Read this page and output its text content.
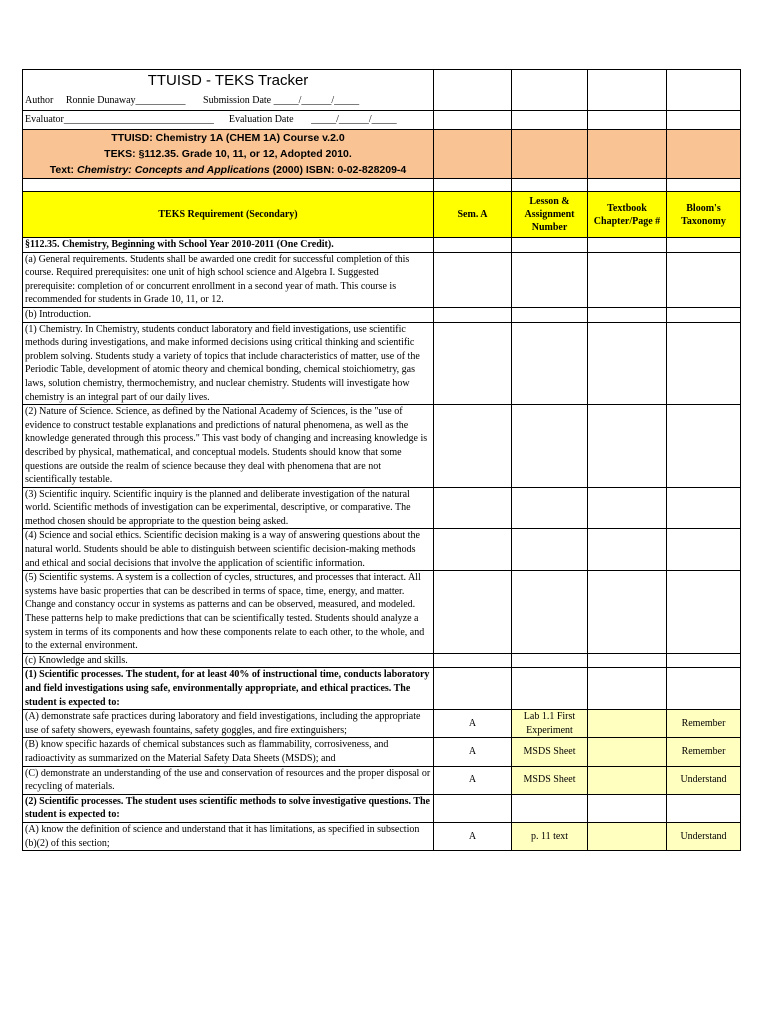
TTUISD - TEKS Tracker				
Author     Ronnie Dunaway__________       Submission Date _____/______/_____				
Evaluator______________________________      Evaluation Date       _____/______/_____				

TTUISD: Chemistry 1A (CHEM 1A) Course v.2.0
TEKS: §112.35. Grade 10, 11, or 12, Adopted 2010.
Text: Chemistry: Concepts and Applications (2000) ISBN: 0-02-828209-4				

TEKS Requirement (Secondary)	Sem. A	Lesson & Assignment Number	Textbook Chapter/Page #	Bloom's Taxonomy
§112.35. Chemistry, Beginning with School Year 2010-2011 (One Credit).				
(a) General requirements. Students shall be awarded one credit for successful completion of this course. Required prerequisites: one unit of high school science and Algebra I. Suggested prerequisite: completion of or concurrent enrollment in a second year of math. This course is recommended for students in Grade 10, 11, or 12.				
(b) Introduction.				
(1) Chemistry. In Chemistry, students conduct laboratory and field investigations, use scientific methods during investigations, and make informed decisions using critical thinking and scientific problem solving. Students study a variety of topics that include characteristics of matter, use of the Periodic Table, development of atomic theory and chemical bonding, chemical stoichiometry, gas laws, solution chemistry, thermochemistry, and nuclear chemistry. Students will investigate how chemistry is an integral part of our daily lives.				
(2) Nature of Science. Science, as defined by the National Academy of Sciences, is the "use of evidence to construct testable explanations and predictions of natural phenomena, as well as the knowledge generated through this process." This vast body of changing and increasing knowledge is described by physical, mathematical, and conceptual models. Students should know that some questions are outside the realm of science because they deal with phenomena that are not scientifically testable.				
(3) Scientific inquiry. Scientific inquiry is the planned and deliberate investigation of the natural world. Scientific methods of investigation can be experimental, descriptive, or comparative. The method chosen should be appropriate to the question being asked.				
(4) Science and social ethics. Scientific decision making is a way of answering questions about the natural world. Students should be able to distinguish between scientific decision-making methods and ethical and social decisions that involve the application of scientific information.				
(5) Scientific systems. A system is a collection of cycles, structures, and processes that interact. All systems have basic properties that can be described in terms of space, time, energy, and matter. Change and constancy occur in systems as patterns and can be observed, measured, and modeled. These patterns help to make predictions that can be scientifically tested. Students should analyze a system in terms of its components and how these components relate to each other, to the whole, and to the external environment.				
(c) Knowledge and skills.				
(1) Scientific processes. The student, for at least 40% of instructional time, conducts laboratory and field investigations using safe, environmentally appropriate, and ethical practices. The student is expected to:				
(A) demonstrate safe practices during laboratory and field investigations, including the appropriate use of safety showers, eyewash fountains, safety goggles, and fire extinguishers;	A	Lab 1.1 First Experiment		Remember
(B) know specific hazards of chemical substances such as flammability, corrosiveness, and radioactivity as summarized on the Material Safety Data Sheets (MSDS); and	A	MSDS Sheet		Remember
(C) demonstrate an understanding of the use and conservation of resources and the proper disposal or recycling of materials.	A	MSDS Sheet		Understand
(2) Scientific processes. The student uses scientific methods to solve investigative questions. The student is expected to:				
(A) know the definition of science and understand that it has limitations, as specified in subsection (b)(2) of this section;	A	p. 11 text		Understand
